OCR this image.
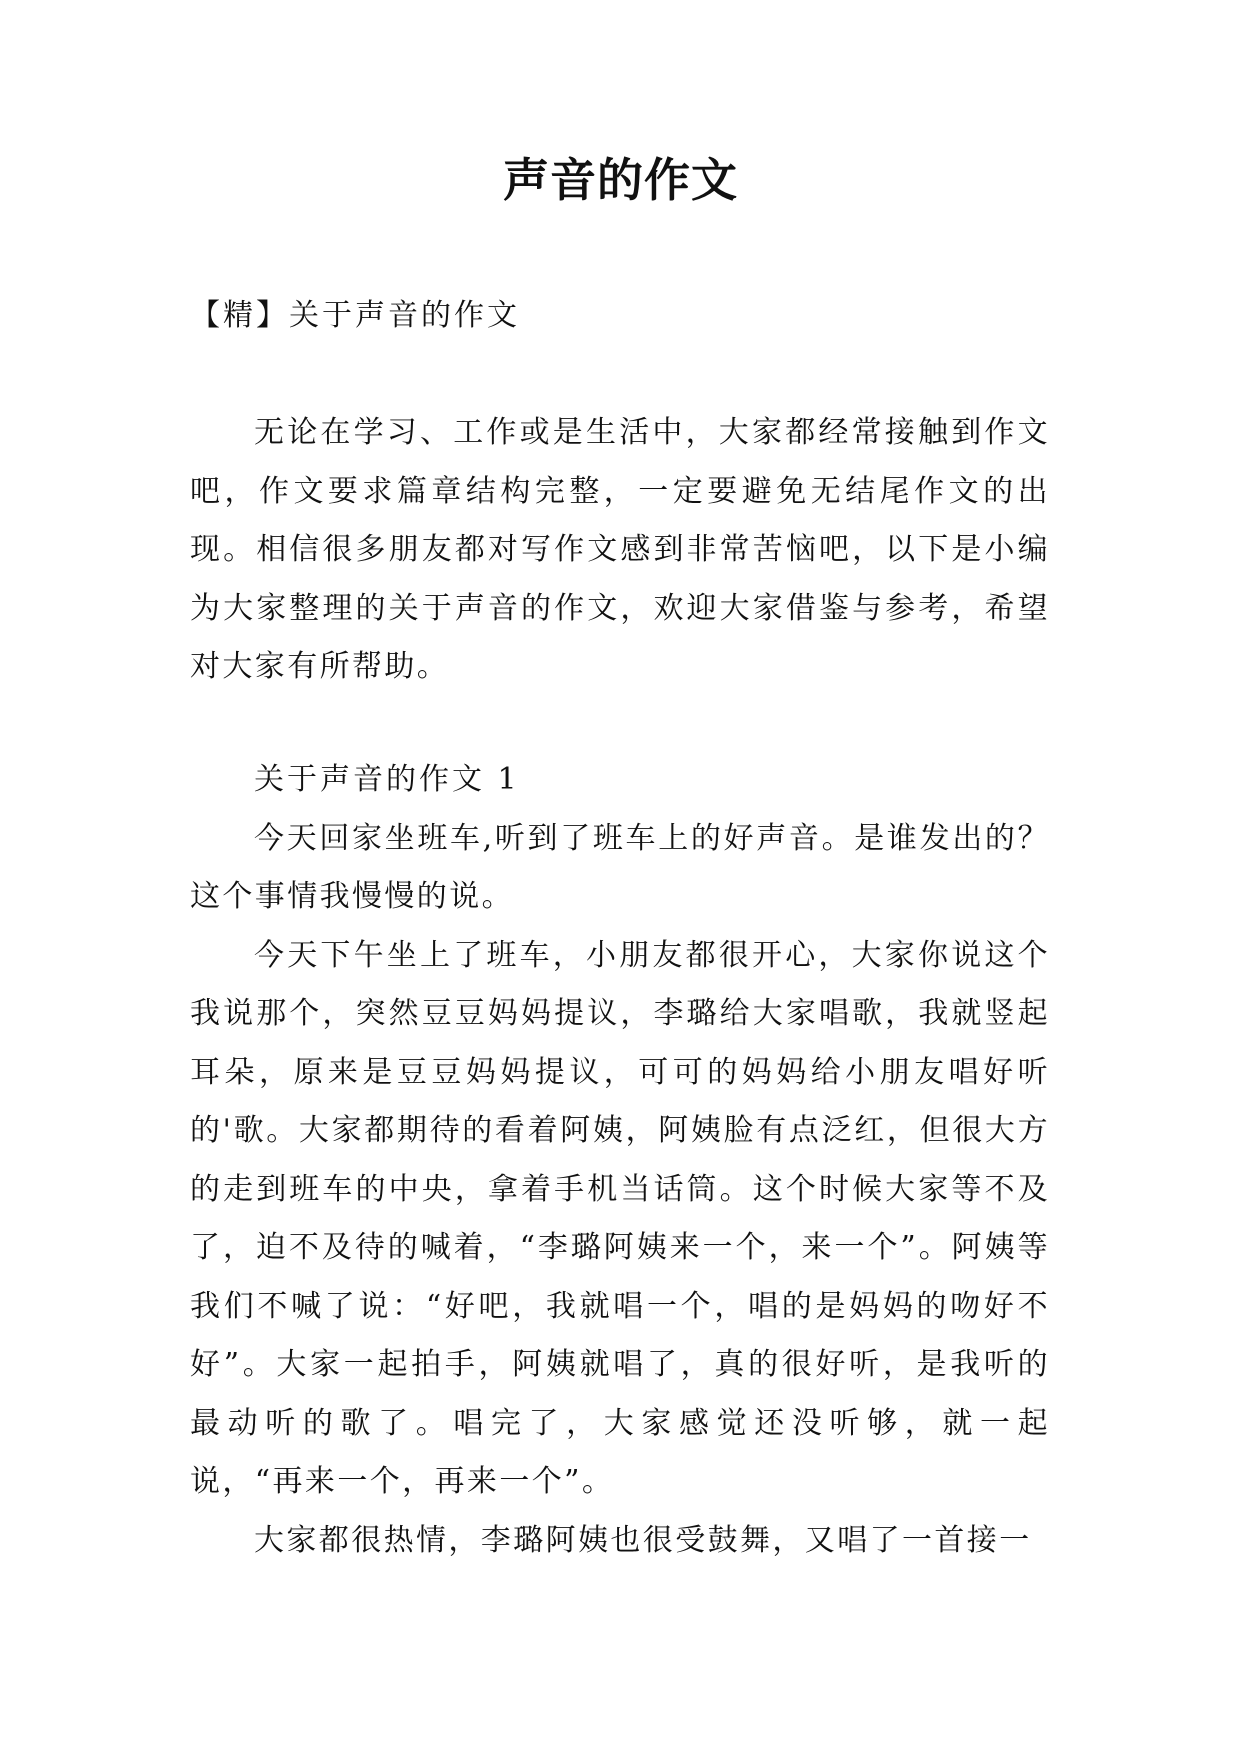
声音的作文
【精】关于声音的作文

无论在学习、工作或是生活中，大家都经常接触到作文吧，作文要求篇章结构完整，一定要避免无结尾作文的出现。相信很多朋友都对写作文感到非常苦恼吧，以下是小编为大家整理的关于声音的作文，欢迎大家借鉴与参考，希望对大家有所帮助。

关于声音的作文 1

今天回家坐班车,听到了班车上的好声音。是谁发出的？这个事情我慢慢的说。

今天下午坐上了班车，小朋友都很开心，大家你说这个我说那个，突然豆豆妈妈提议，李璐给大家唱歌，我就竖起耳朵，原来是豆豆妈妈提议，可可的妈妈给小朋友唱好听的'歌。大家都期待的看着阿姨，阿姨脸有点泛红，但很大方的走到班车的中央，拿着手机当话筒。这个时候大家等不及了，迫不及待的喊着，“李璐阿姨来一个，来一个”。阿姨等我们不喊了说：“好吧，我就唱一个，唱的是妈妈的吻好不好”。大家一起拍手，阿姨就唱了，真的很好听，是我听的最动听的歌了。唱完了，大家感觉还没听够，就一起说，“再来一个，再来一个”。

大家都很热情，李璐阿姨也很受鼓舞，又唱了一首接一
